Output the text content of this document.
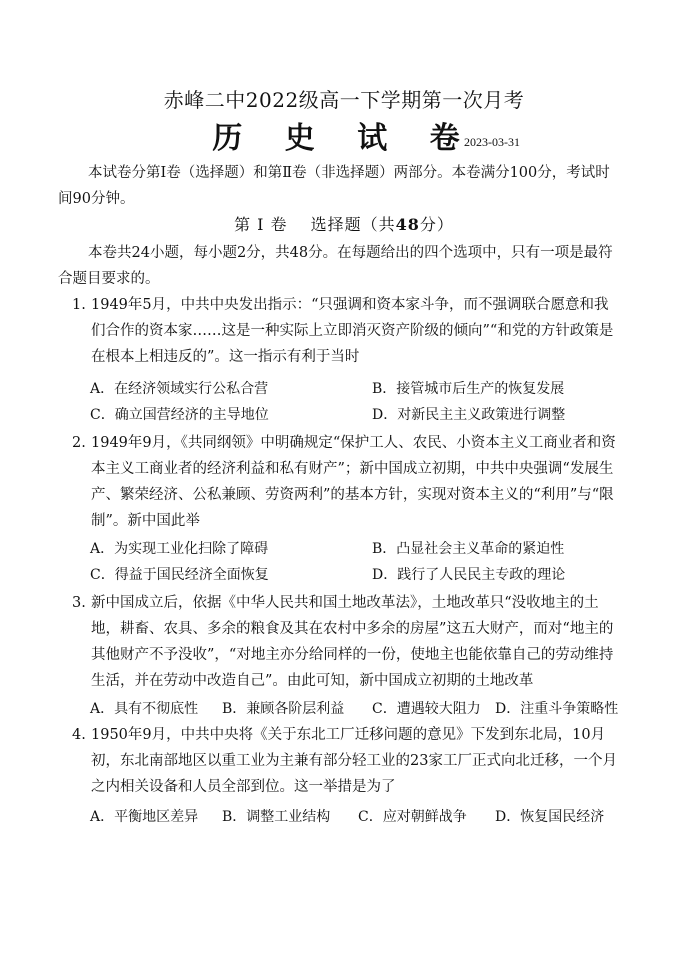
赤峰二中2022级高一下学期第一次月考
历 史 试 卷
2023-03-31
本试卷分第Ⅰ卷（选择题）和第Ⅱ卷（非选择题）两部分。本卷满分100分，考试时间90分钟。
第 Ⅰ 卷　 选择题（共48分）
本卷共24小题，每小题2分，共48分。在每题给出的四个选项中，只有一项是最符合题目要求的。
1. 1949年5月，中共中央发出指示：“只强调和资本家斗争，而不强调联合愿意和我们合作的资本家……这是一种实际上立即消灭资产阶级的倾向”“和党的方针政策是在根本上相违反的”。这一指示有利于当时
A．在经济领域实行公私合营	B．接管城市后生产的恢复发展
C．确立国营经济的主导地位	D．对新民主主义政策进行调整
2. 1949年9月，《共同纲领》中明确规定“保护工人、农民、小资本主义工商业者和资本主义工商业者的经济利益和私有财产”；新中国成立初期，中共中央强调“发展生产、繁荣经济、公私兼顾、劳资两利”的基本方针，实现对资本主义的“利用”与“限制”。新中国此举
A．为实现工业化扫除了障碍	B．凸显社会主义革命的紧迫性
C．得益于国民经济全面恢复	D．践行了人民民主专政的理论
3. 新中国成立后，依据《中华人民共和国土地改革法》，土地改革只“没收地主的土地，耕畜、农具、多余的粮食及其在农村中多余的房屋”这五大财产，而对“地主的其他财产不予没收”，“对地主亦分给同样的一份，使地主也能依靠自己的劳动维持生活，并在劳动中改造自己”。由此可知，新中国成立初期的土地改革
A．具有不彻底性 B．兼顾各阶层利益 C．遭遇较大阻力 D．注重斗争策略性
4. 1950年9月，中共中央将《关于东北工厂迁移问题的意见》下发到东北局，10月初，东北南部地区以重工业为主兼有部分轻工业的23家工厂正式向北迁移，一个月之内相关设备和人员全部到位。这一举措是为了
A．平衡地区差异 B．调整工业结构 C．应对朝鲜战争 D．恢复国民经济
